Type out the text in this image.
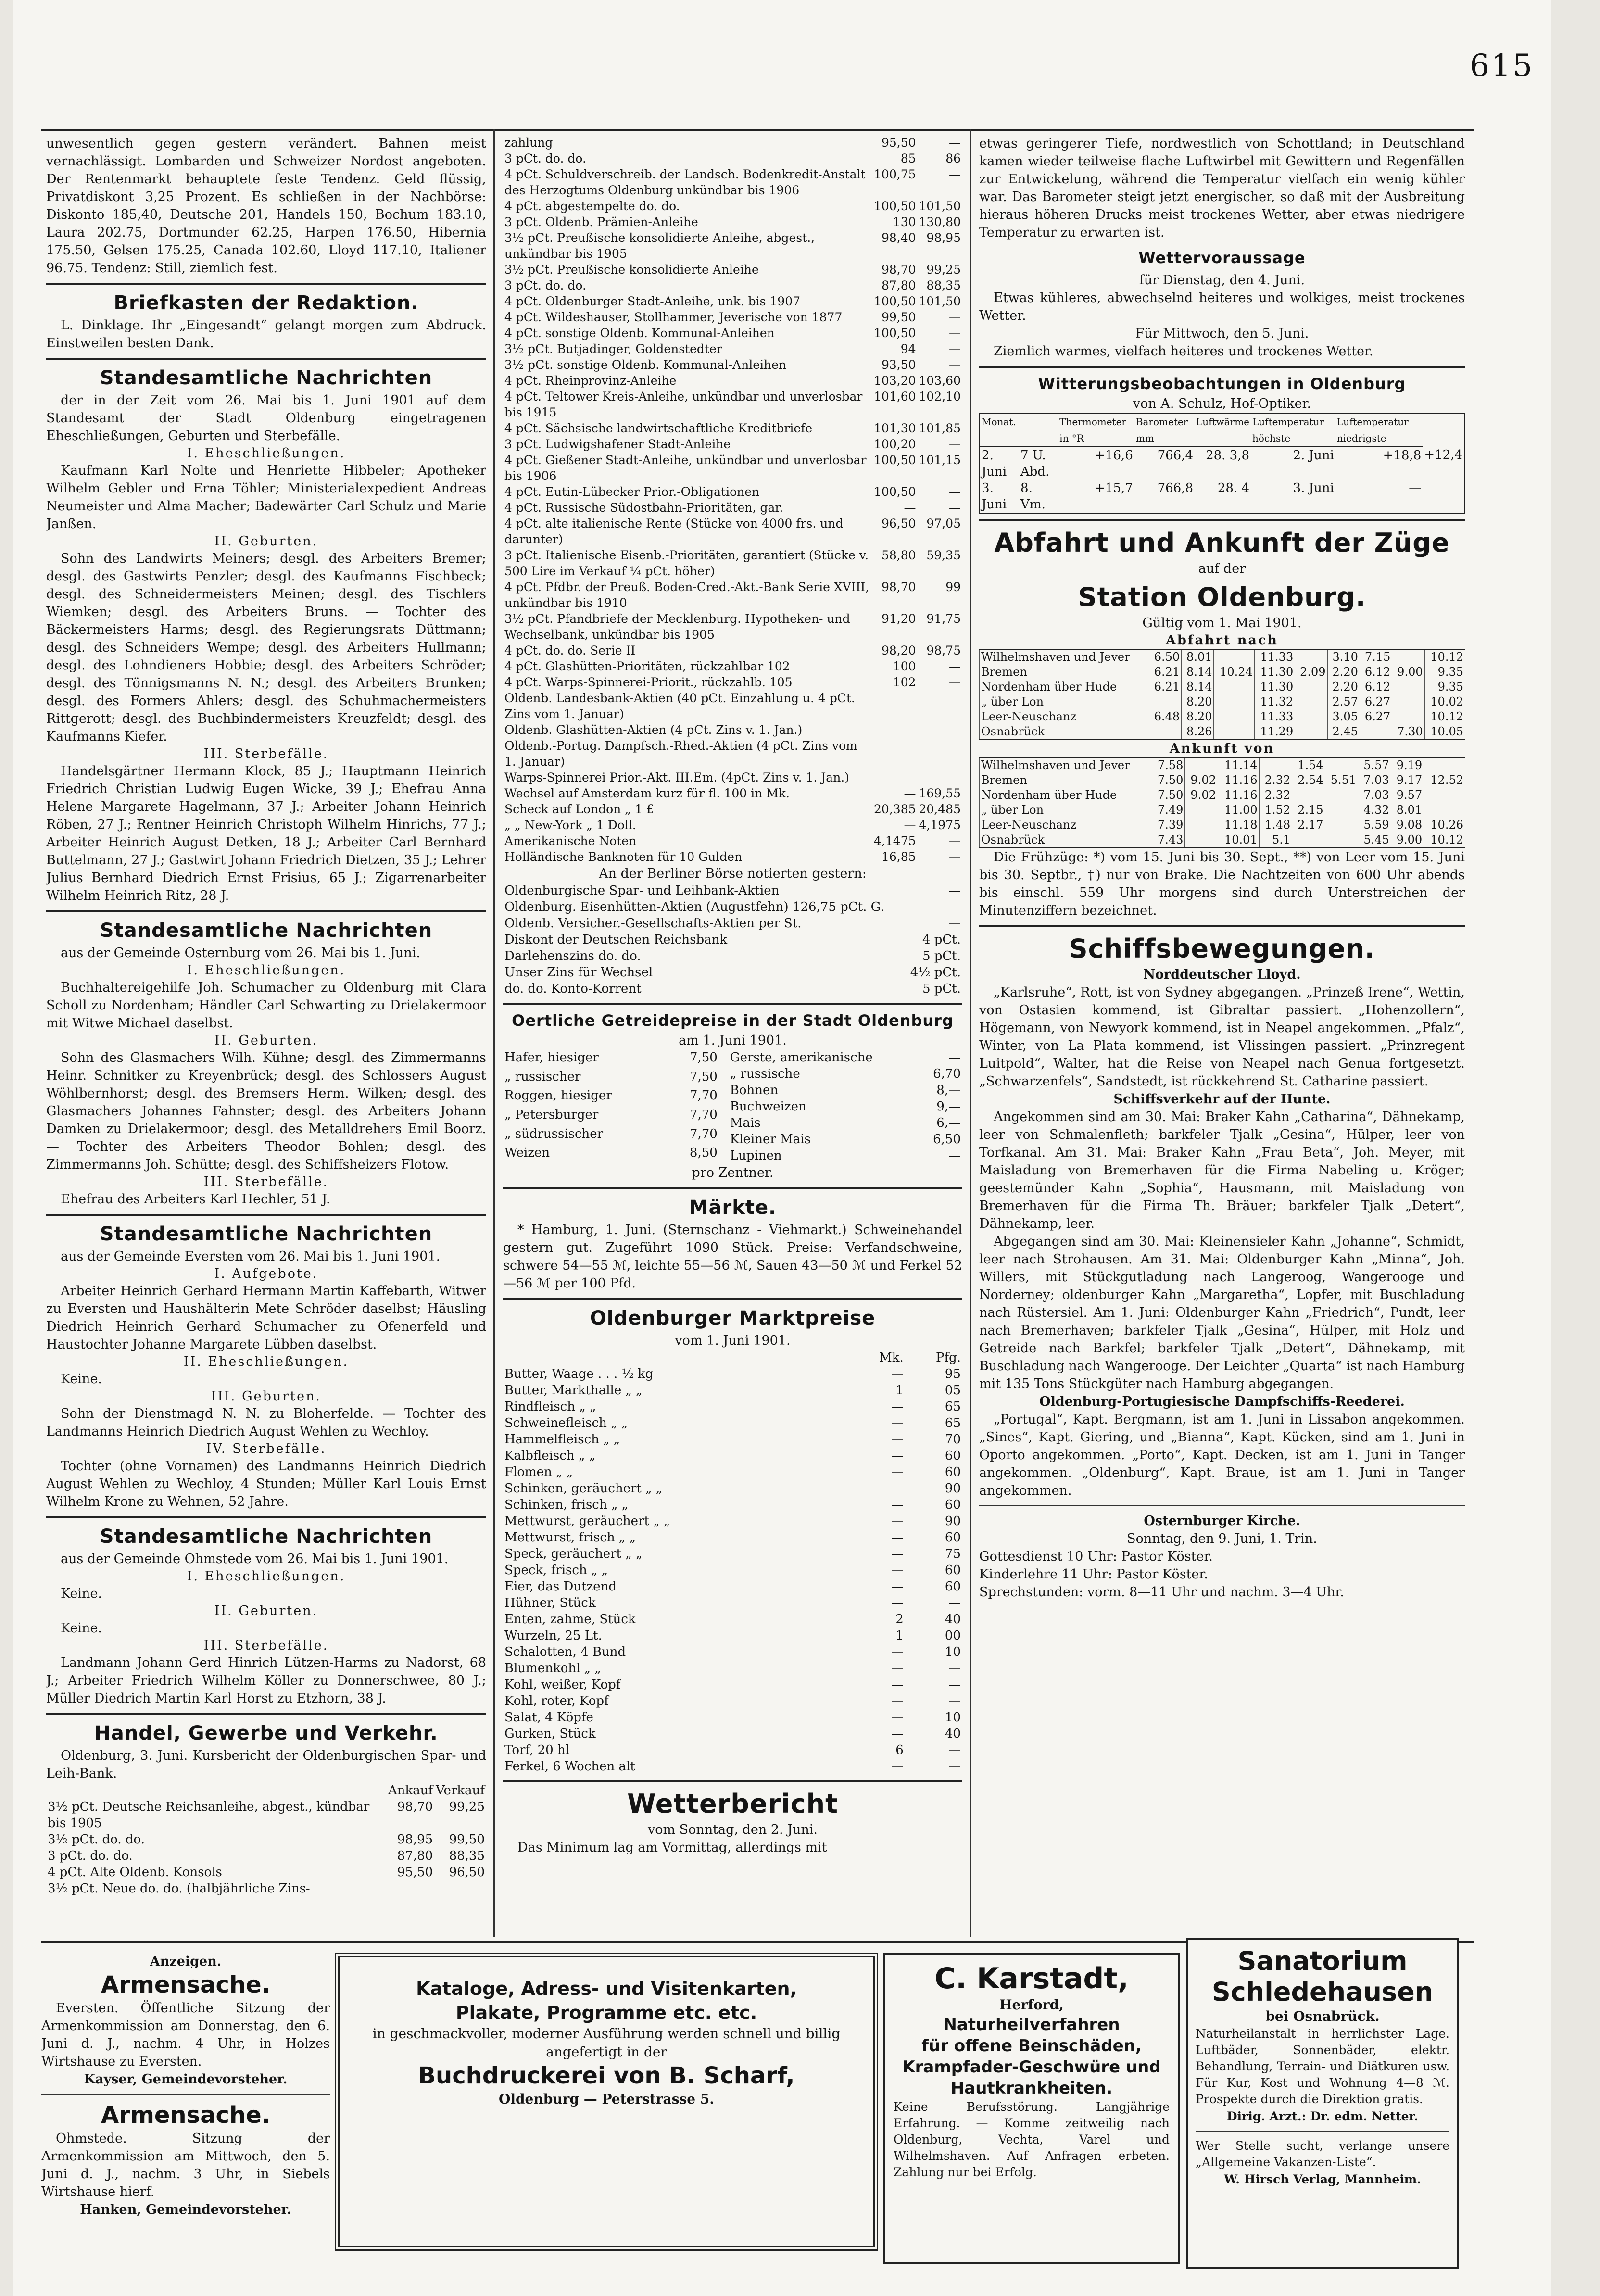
615

unwesentlich gegen gestern verändert. Bahnen meist vernachlässigt. Lombarden und Schweizer Nordost angeboten. Der Rentenmarkt behauptete feste Tendenz. Geld flüssig, Privatdiskont 3,25 Prozent. Es schließen in der Nachbörse: Diskonto 185,40, Deutsche 201, Handels 150, Bochum 183.10, Laura 202.75, Dortmunder 62.25, Harpen 176.50, Hibernia 175.50, Gelsen 175.25, Canada 102.60, Lloyd 117.10, Italiener 96.75. Tendenz: Still, ziemlich fest.

Briefkasten der Redaktion.

L. Dinklage. Ihr „Eingesandt“ gelangt morgen zum Abdruck. Einstweilen besten Dank.

Standesamtliche Nachrichten

der in der Zeit vom 26. Mai bis 1. Juni 1901 auf dem Standesamt der Stadt Oldenburg eingetragenen Eheschließungen, Geburten und Sterbefälle.

I. Eheschließungen.

Kaufmann Karl Nolte und Henriette Hibbeler; Apotheker Wilhelm Gebler und Erna Töhler; Ministerialexpedient Andreas Neumeister und Alma Macher; Badewärter Carl Schulz und Marie Janßen.

II. Geburten.

Sohn des Landwirts Meiners; desgl. des Arbeiters Bremer; desgl. des Gastwirts Penzler; desgl. des Kaufmanns Fischbeck; desgl. des Schneidermeisters Meinen; desgl. des Tischlers Wiemken; desgl. des Arbeiters Bruns. — Tochter des Bäckermeisters Harms; desgl. des Regierungsrats Düttmann; desgl. des Schneiders Wempe; desgl. des Arbeiters Hullmann; desgl. des Lohndieners Hobbie; desgl. des Arbeiters Schröder; desgl. des Tönnigsmanns N. N.; desgl. des Arbeiters Brunken; desgl. des Formers Ahlers; desgl. des Schuhmachermeisters Rittgerott; desgl. des Buchbindermeisters Kreuzfeldt; desgl. des Kaufmanns Kiefer.

III. Sterbefälle.

Handelsgärtner Hermann Klock, 85 J.; Hauptmann Heinrich Friedrich Christian Ludwig Eugen Wicke, 39 J.; Ehefrau Anna Helene Margarete Hagelmann, 37 J.; Arbeiter Johann Heinrich Röben, 27 J.; Rentner Heinrich Christoph Wilhelm Hinrichs, 77 J.; Arbeiter Heinrich August Detken, 18 J.; Arbeiter Carl Bernhard Buttelmann, 27 J.; Gastwirt Johann Friedrich Dietzen, 35 J.; Lehrer Julius Bernhard Diedrich Ernst Frisius, 65 J.; Zigarrenarbeiter Wilhelm Heinrich Ritz, 28 J.

Standesamtliche Nachrichten

aus der Gemeinde Osternburg vom 26. Mai bis 1. Juni.

I. Eheschließungen.

Buchhaltereigehilfe Joh. Schumacher zu Oldenburg mit Clara Scholl zu Nordenham; Händler Carl Schwarting zu Drielakermoor mit Witwe Michael daselbst.

II. Geburten.

Sohn des Glasmachers Wilh. Kühne; desgl. des Zimmermanns Heinr. Schnitker zu Kreyenbrück; desgl. des Schlossers August Wöhlbernhorst; desgl. des Bremsers Herm. Wilken; desgl. des Glasmachers Johannes Fahnster; desgl. des Arbeiters Johann Damken zu Drielakermoor; desgl. des Metalldrehers Emil Boorz. — Tochter des Arbeiters Theodor Bohlen; desgl. des Zimmermanns Joh. Schütte; desgl. des Schiffsheizers Flotow.

III. Sterbefälle.

Ehefrau des Arbeiters Karl Hechler, 51 J.

Standesamtliche Nachrichten

aus der Gemeinde Eversten vom 26. Mai bis 1. Juni 1901.

I. Aufgebote.

Arbeiter Heinrich Gerhard Hermann Martin Kaffebarth, Witwer zu Eversten und Haushälterin Mete Schröder daselbst; Häusling Diedrich Heinrich Gerhard Schumacher zu Ofenerfeld und Haustochter Johanne Margarete Lübben daselbst.

II. Eheschließungen.

Keine.

III. Geburten.

Sohn der Dienstmagd N. N. zu Bloherfelde. — Tochter des Landmanns Heinrich Diedrich August Wehlen zu Wechloy.

IV. Sterbefälle.

Tochter (ohne Vornamen) des Landmanns Heinrich Diedrich August Wehlen zu Wechloy, 4 Stunden; Müller Karl Louis Ernst Wilhelm Krone zu Wehnen, 52 Jahre.

Standesamtliche Nachrichten

aus der Gemeinde Ohmstede vom 26. Mai bis 1. Juni 1901.

I. Eheschließungen.

Keine.

II. Geburten.

Keine.

III. Sterbefälle.

Landmann Johann Gerd Hinrich Lützen-Harms zu Nadorst, 68 J.; Arbeiter Friedrich Wilhelm Köller zu Donnerschwee, 80 J.; Müller Diedrich Martin Karl Horst zu Etzhorn, 38 J.

Handel, Gewerbe und Verkehr.

Oldenburg, 3. Juni. Kursbericht der Oldenburgischen Spar- und Leih-Bank.

	Ankauf	Verkauf
3½ pCt. Deutsche Reichsanleihe, abgest., kündbar bis 1905	98,70	99,25
3½ pCt. do. do.	98,95	99,50
3 pCt. do. do.	87,80	88,35
4 pCt. Alte Oldenb. Konsols	95,50	96,50
3½ pCt. Neue do. do. (halbjährliche Zins-		
zahlung	95,50	—
3 pCt. do. do.	85	86
4 pCt. Schuldverschreib. der Landsch. Bodenkredit-Anstalt des Herzogtums Oldenburg unkündbar bis 1906	100,75	—
4 pCt. abgestempelte do. do.	100,50	101,50
3 pCt. Oldenb. Prämien-Anleihe	130	130,80
3½ pCt. Preußische konsolidierte Anleihe, abgest., unkündbar bis 1905	98,40	98,95
3½ pCt. Preußische konsolidierte Anleihe	98,70	99,25
3 pCt. do. do.	87,80	88,35
4 pCt. Oldenburger Stadt-Anleihe, unk. bis 1907	100,50	101,50
4 pCt. Wildeshauser, Stollhammer, Jeverische von 1877	99,50	—
4 pCt. sonstige Oldenb. Kommunal-Anleihen	100,50	—
3½ pCt. Butjadinger, Goldenstedter	94	—
3½ pCt. sonstige Oldenb. Kommunal-Anleihen	93,50	—
4 pCt. Rheinprovinz-Anleihe	103,20	103,60
4 pCt. Teltower Kreis-Anleihe, unkündbar und unverlosbar bis 1915	101,60	102,10
4 pCt. Sächsische landwirtschaftliche Kreditbriefe	101,30	101,85
3 pCt. Ludwigshafener Stadt-Anleihe	100,20	—
4 pCt. Gießener Stadt-Anleihe, unkündbar und unverlosbar bis 1906	100,50	101,15
4 pCt. Eutin-Lübecker Prior.-Obligationen	100,50	—
4 pCt. Russische Südostbahn-Prioritäten, gar.	—	—
4 pCt. alte italienische Rente (Stücke von 4000 frs. und darunter)	96,50	97,05
3 pCt. Italienische Eisenb.-Prioritäten, garantiert (Stücke v. 500 Lire im Verkauf ¼ pCt. höher)	58,80	59,35
4 pCt. Pfdbr. der Preuß. Boden-Cred.-Akt.-Bank Serie XVIII, unkündbar bis 1910	98,70	99
3½ pCt. Pfandbriefe der Mecklenburg. Hypotheken- und Wechselbank, unkündbar bis 1905	91,20	91,75
4 pCt. do. do. Serie II	98,20	98,75
4 pCt. Glashütten-Prioritäten, rückzahlbar 102	100	—
4 pCt. Warps-Spinnerei-Priorit., rückzahlb. 105	102	—
Oldenb. Landesbank-Aktien (40 pCt. Einzahlung u. 4 pCt. Zins vom 1. Januar)		
Oldenb. Glashütten-Aktien (4 pCt. Zins v. 1. Jan.)		
Oldenb.-Portug. Dampfsch.-Rhed.-Aktien (4 pCt. Zins vom 1. Januar)		
Warps-Spinnerei Prior.-Akt. III.Em. (4pCt. Zins v. 1. Jan.)		
Wechsel auf Amsterdam kurz für fl. 100 in Mk.	—	169,55
Scheck auf London „ 1 £	20,385	20,485
„ „ New-York „ 1 Doll.	—	4,1975
Amerikanische Noten	4,1475	—
Holländische Banknoten für 10 Gulden	16,85	—

An der Berliner Börse notierten gestern:

Oldenburgische Spar- und Leihbank-Aktien	—
Oldenburg. Eisenhütten-Aktien (Augustfehn) 126,75 pCt. G.	
Oldenb. Versicher.-Gesellschafts-Aktien per St.	—
Diskont der Deutschen Reichsbank	4 pCt.
Darlehenszins do. do.	5 pCt.
Unser Zins für Wechsel	4½ pCt.
do. do. Konto-Korrent	5 pCt.
Oertliche Getreidepreise in der Stadt Oldenburg

am 1. Juni 1901.

Hafer, hiesiger	7,50
„ russischer	7,50
Roggen, hiesiger	7,70
„ Petersburger	7,70
„ südrussischer	7,70
Weizen	8,50
Gerste, amerikanische	—
„ russische	6,70
Bohnen	8,—
Buchweizen	9,—
Mais	6,—
Kleiner Mais	6,50
Lupinen	—

pro Zentner.

Märkte.

* Hamburg, 1. Juni. (Sternschanz - Viehmarkt.) Schweinehandel gestern gut. Zugeführt 1090 Stück. Preise: Verfandschweine, schwere 54—55 ℳ, leichte 55—56 ℳ, Sauen 43—50 ℳ und Ferkel 52—56 ℳ per 100 Pfd.

Oldenburger Marktpreise

vom 1. Juni 1901.

	Mk.	Pfg.
Butter, Waage . . . ½ kg	—	95
Butter, Markthalle „ „	1	05
Rindfleisch „ „	—	65
Schweinefleisch „ „	—	65
Hammelfleisch „ „	—	70
Kalbfleisch „ „	—	60
Flomen „ „	—	60
Schinken, geräuchert „ „	—	90
Schinken, frisch „ „	—	60
Mettwurst, geräuchert „ „	—	90
Mettwurst, frisch „ „	—	60
Speck, geräuchert „ „	—	75
Speck, frisch „ „	—	60
Eier, das Dutzend	—	60
Hühner, Stück	—	—
Enten, zahme, Stück	2	40
Wurzeln, 25 Lt.	1	00
Schalotten, 4 Bund	—	10
Blumenkohl „ „	—	—
Kohl, weißer, Kopf	—	—
Kohl, roter, Kopf	—	—
Salat, 4 Köpfe	—	10
Gurken, Stück	—	40
Torf, 20 hl	6	—
Ferkel, 6 Wochen alt	—	—
Wetterbericht

vom Sonntag, den 2. Juni.

Das Minimum lag am Vormittag, allerdings mit

etwas geringerer Tiefe, nordwestlich von Schottland; in Deutschland kamen wieder teilweise flache Luftwirbel mit Gewittern und Regenfällen zur Entwickelung, während die Temperatur vielfach ein wenig kühler war. Das Barometer steigt jetzt energischer, so daß mit der Ausbreitung hieraus höheren Drucks meist trockenes Wetter, aber etwas niedrigere Temperatur zu erwarten ist.

Wettervoraussage

für Dienstag, den 4. Juni.

Etwas kühleres, abwechselnd heiteres und wolkiges, meist trockenes Wetter.

Für Mittwoch, den 5. Juni.

Ziemlich warmes, vielfach heiteres und trockenes Wetter.

Witterungsbeobachtungen in Oldenburg

von A. Schulz, Hof-Optiker.

Monat.		Thermometer in °R	Barometer mm	Luftwärme	Luftemperatur höchste	Luftemperatur niedrigste	
2. Juni	7 U. Abd.	+16,6	766,4	28. 3,8	2. Juni	+18,8	+12,4
3. Juni	8. Vm.	+15,7	766,8	28. 4	3. Juni	—	
Abfahrt und Ankunft der Züge

auf der

Station Oldenburg.

Gültig vom 1. Mai 1901.

Abfahrt nach

Wilhelmshaven und Jever	6.50	8.01		11.33		3.10	7.15		10.12
Bremen	6.21	8.14	10.24	11.30	2.09	2.20	6.12	9.00	9.35
Nordenham über Hude	6.21	8.14		11.30		2.20	6.12		9.35
„ über Lon		8.20		11.32		2.57	6.27		10.02
Leer-Neuschanz	6.48	8.20		11.33		3.05	6.27		10.12
Osnabrück		8.26		11.29		2.45		7.30	10.05

Ankunft von

Wilhelmshaven und Jever	7.58		11.14		1.54		5.57	9.19	
Bremen	7.50	9.02	11.16	2.32	2.54	5.51	7.03	9.17	12.52
Nordenham über Hude	7.50	9.02	11.16	2.32			7.03	9.57	
„ über Lon	7.49		11.00	1.52	2.15		4.32	8.01	
Leer-Neuschanz	7.39		11.18	1.48	2.17		5.59	9.08	10.26
Osnabrück	7.43		10.01	5.1			5.45	9.00	10.12

Die Frühzüge: *) vom 15. Juni bis 30. Sept., **) von Leer vom 15. Juni bis 30. Septbr., †) nur von Brake. Die Nachtzeiten von 600 Uhr abends bis einschl. 559 Uhr morgens sind durch Unterstreichen der Minutenziffern bezeichnet.

Schiffsbewegungen.

Norddeutscher Lloyd.

„Karlsruhe“, Rott, ist von Sydney abgegangen. „Prinzeß Irene“, Wettin, von Ostasien kommend, ist Gibraltar passiert. „Hohenzollern“, Högemann, von Newyork kommend, ist in Neapel angekommen. „Pfalz“, Winter, von La Plata kommend, ist Vlissingen passiert. „Prinzregent Luitpold“, Walter, hat die Reise von Neapel nach Genua fortgesetzt. „Schwarzenfels“, Sandstedt, ist rückkehrend St. Catharine passiert.

Schiffsverkehr auf der Hunte.

Angekommen sind am 30. Mai: Braker Kahn „Catharina“, Dähnekamp, leer von Schmalenfleth; barkfeler Tjalk „Gesina“, Hülper, leer von Torfkanal. Am 31. Mai: Braker Kahn „Frau Beta“, Joh. Meyer, mit Maisladung von Bremerhaven für die Firma Nabeling u. Kröger; geestemünder Kahn „Sophia“, Hausmann, mit Maisladung von Bremerhaven für die Firma Th. Bräuer; barkfeler Tjalk „Detert“, Dähnekamp, leer.

Abgegangen sind am 30. Mai: Kleinensieler Kahn „Johanne“, Schmidt, leer nach Strohausen. Am 31. Mai: Oldenburger Kahn „Minna“, Joh. Willers, mit Stückgutladung nach Langeroog, Wangerooge und Norderney; oldenburger Kahn „Margaretha“, Lopfer, mit Buschladung nach Rüstersiel. Am 1. Juni: Oldenburger Kahn „Friedrich“, Pundt, leer nach Bremerhaven; barkfeler Tjalk „Gesina“, Hülper, mit Holz und Getreide nach Barkfel; barkfeler Tjalk „Detert“, Dähnekamp, mit Buschladung nach Wangerooge. Der Leichter „Quarta“ ist nach Hamburg mit 135 Tons Stückgüter nach Hamburg abgegangen.

Oldenburg-Portugiesische Dampfschiffs-Reederei.

„Portugal“, Kapt. Bergmann, ist am 1. Juni in Lissabon angekommen. „Sines“, Kapt. Giering, und „Bianna“, Kapt. Kücken, sind am 1. Juni in Oporto angekommen. „Porto“, Kapt. Decken, ist am 1. Juni in Tanger angekommen. „Oldenburg“, Kapt. Braue, ist am 1. Juni in Tanger angekommen.

Osternburger Kirche.

Sonntag, den 9. Juni, 1. Trin.

Gottesdienst 10 Uhr: Pastor Köster.

Kinderlehre 11 Uhr: Pastor Köster.

Sprechstunden: vorm. 8—11 Uhr und nachm. 3—4 Uhr.

Anzeigen.

Armensache.

Eversten. Öffentliche Sitzung der Armenkommission am Donnerstag, den 6. Juni d. J., nachm. 4 Uhr, in Holzes Wirtshause zu Eversten.

Kayser, Gemeindevorsteher.

Armensache.

Ohmstede. Sitzung der Armenkommission am Mittwoch, den 5. Juni d. J., nachm. 3 Uhr, in Siebels Wirtshause hierf.

Hanken, Gemeindevorsteher.

Kataloge, Adress- und Visitenkarten,
Plakate, Programme etc. etc.
in geschmackvoller, moderner Ausführung werden schnell und billig angefertigt in der
Buchdruckerei von B. Scharf,
Oldenburg — Peterstrasse 5.
C. Karstadt,
Herford,
Naturheilverfahren
für offene Beinschäden,
Krampfader-Geschwüre und
Hautkrankheiten.

Keine Berufsstörung. Langjährige Erfahrung. — Komme zeitweilig nach Oldenburg, Vechta, Varel und Wilhelmshaven. Auf Anfragen erbeten. Zahlung nur bei Erfolg.

Sanatorium
Schledehausen
bei Osnabrück.

Naturheilanstalt in herrlichster Lage. Luftbäder, Sonnenbäder, elektr. Behandlung, Terrain- und Diätkuren usw. Für Kur, Kost und Wohnung 4—8 ℳ. Prospekte durch die Direktion gratis.

Dirig. Arzt.: Dr. edm. Netter.

Wer Stelle sucht, verlange unsere „Allgemeine Vakanzen-Liste“.

W. Hirsch Verlag, Mannheim.
